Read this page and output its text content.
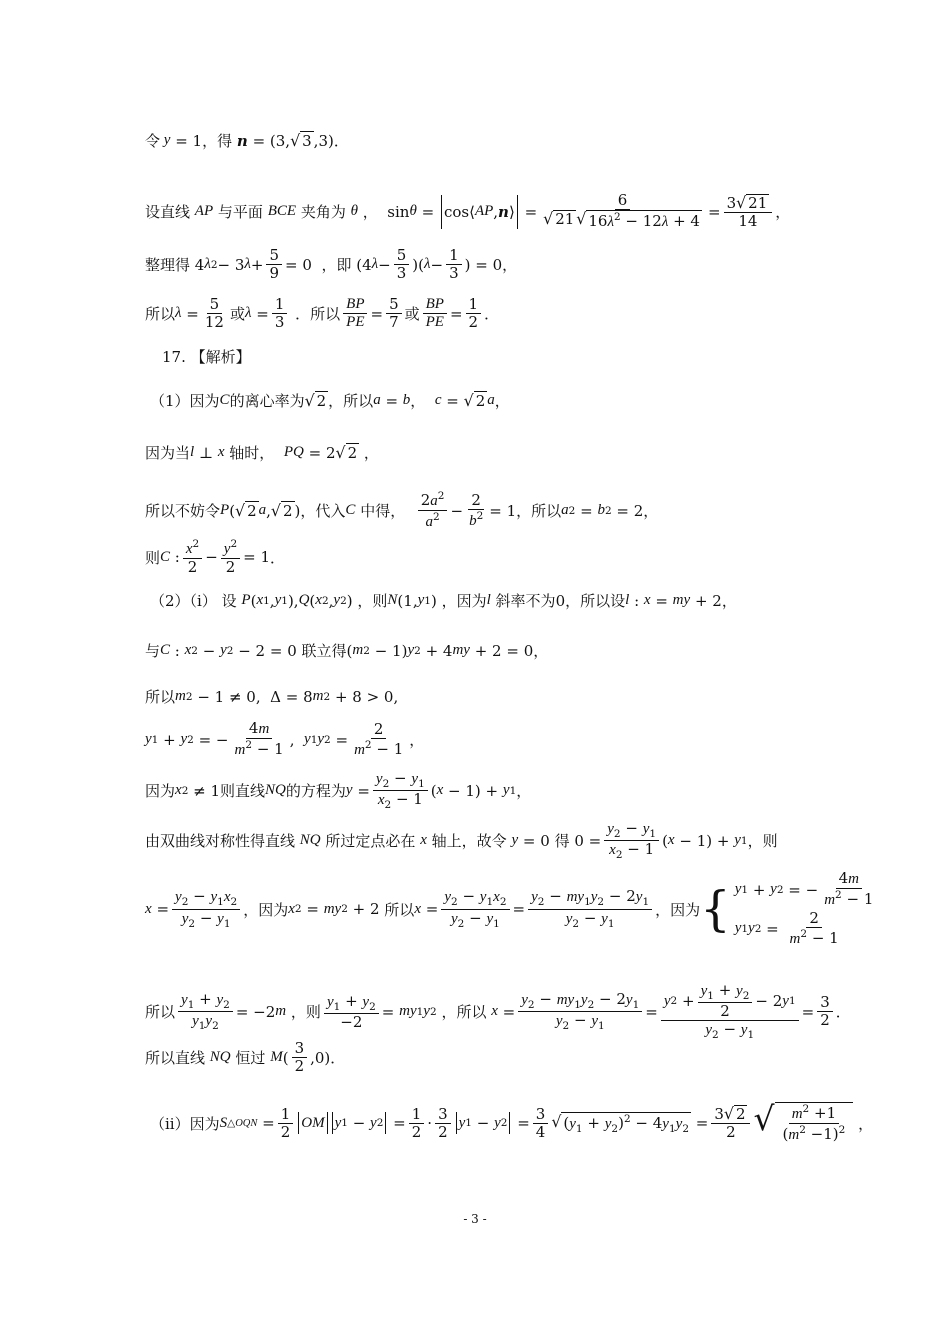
令 y = 1 ，得
n = (3, √ 3 ,3) ．
设直线
AP
与平面
BCE
夹角为
θ ，  sin θ =
cos⟨ AP , n ⟩
=
6
√ 21 √ $16\lambda^2 - 12\lambda + 4$
=
3 √ 21
14 ，
整理得 4 λ 2 − 3 λ +
5
9 = 0 ，即 (4 λ −
5
3 )( λ −
1
3 ) = 0 ，
所以 λ =
5
12 或 λ =
1
3
．所以
BP
PE =
5
7 或
BP
PE =
1
2 ．
17. 【解析】
（1）因为 C 的离心率为 √ 2 ，所以 a = b ，
c = √ 2 a ，
因为当 l ⊥ x
轴时，
PQ = 2 √ 2
，
所以不妨令 P ( √ 2 a , √ 2 ) ，代入 C
中得，

$2a^2$
$a^2$ −
2
$b^2 = 1$ ，所以 a 2 = b 2 = 2 ，
则 C : $x^2$
2
− $y^2$
2
= 1 ．
（2）（i） 设
P ( x 1 , y 1 ), Q ( x 2 , y 2 ) ，则 N (1, y 1 ) ，因为 l
斜率不为 0 ，所以设 l : x = my + 2，
与 C : x 2 − y 2 − 2 = 0 联立得 ( m 2 − 1) y 2 + 4 my + 2 = 0 ，
所以 m 2 − 1 ≠ 0,  Δ = 8 m 2 + 8 > 0,
y 1 + y 2 = −
4m
$m^2 - 1$
, y 1 y 2 =
2
$m^2 - 1$ ，
因为 x 2 ≠ 1 则直线 NQ 的方程为 y =
$y_2 - y_1$
$x_2 - 1$ ( x − 1) + y 1 ，
由双曲线对称性得直线
NQ
所过定点必在
x
轴上，故令
y = 0 得 0 =
$y_2 - y_1$
$x_2 - 1$ ( x − 1) + y 1 ，则
x =
$y_2 - y_1x_2$
$y_2 - y_1$
，因为 x 2 = my 2 + 2 所以 x =
$y_2 - y_1x_2$
$y_2 - y_1$
=
$y_2 - my_1y_2 - 2y_1$
$y_2 - y_1$
，因为 { y 1 + y 2 = −
4m
$m^2 - 1$
y 1 y 2 =
2
$m^2 - 1$
所以
$y_1 + y_2$
$y_1y_2$
= −2 m
，则
$y_1 + y_2$
−2
= my 1 y 2
，所以
x =
$y_2 - my_1y_2 - 2y_1$
$y_2 - y_1$
=
y 2 +
$y_1 + y_2$
2
− 2 y 1
$y_2 - y_1$
=
3
2 ．
所以直线
NQ
恒过
M (
3
2 ,0) ．
（ii）因为 S △OQN =
1
2 OM y 1 − y 2 =
1
2 ·
3
2 y 1 − y 2 =
3
4
√ $(y_1 + y_2)^2 - 4y_1y_2$ =
3 √ 2
2 √ $\frac{m^2 +1}{(m^2 -1)^2}$ ，
- 3 -
